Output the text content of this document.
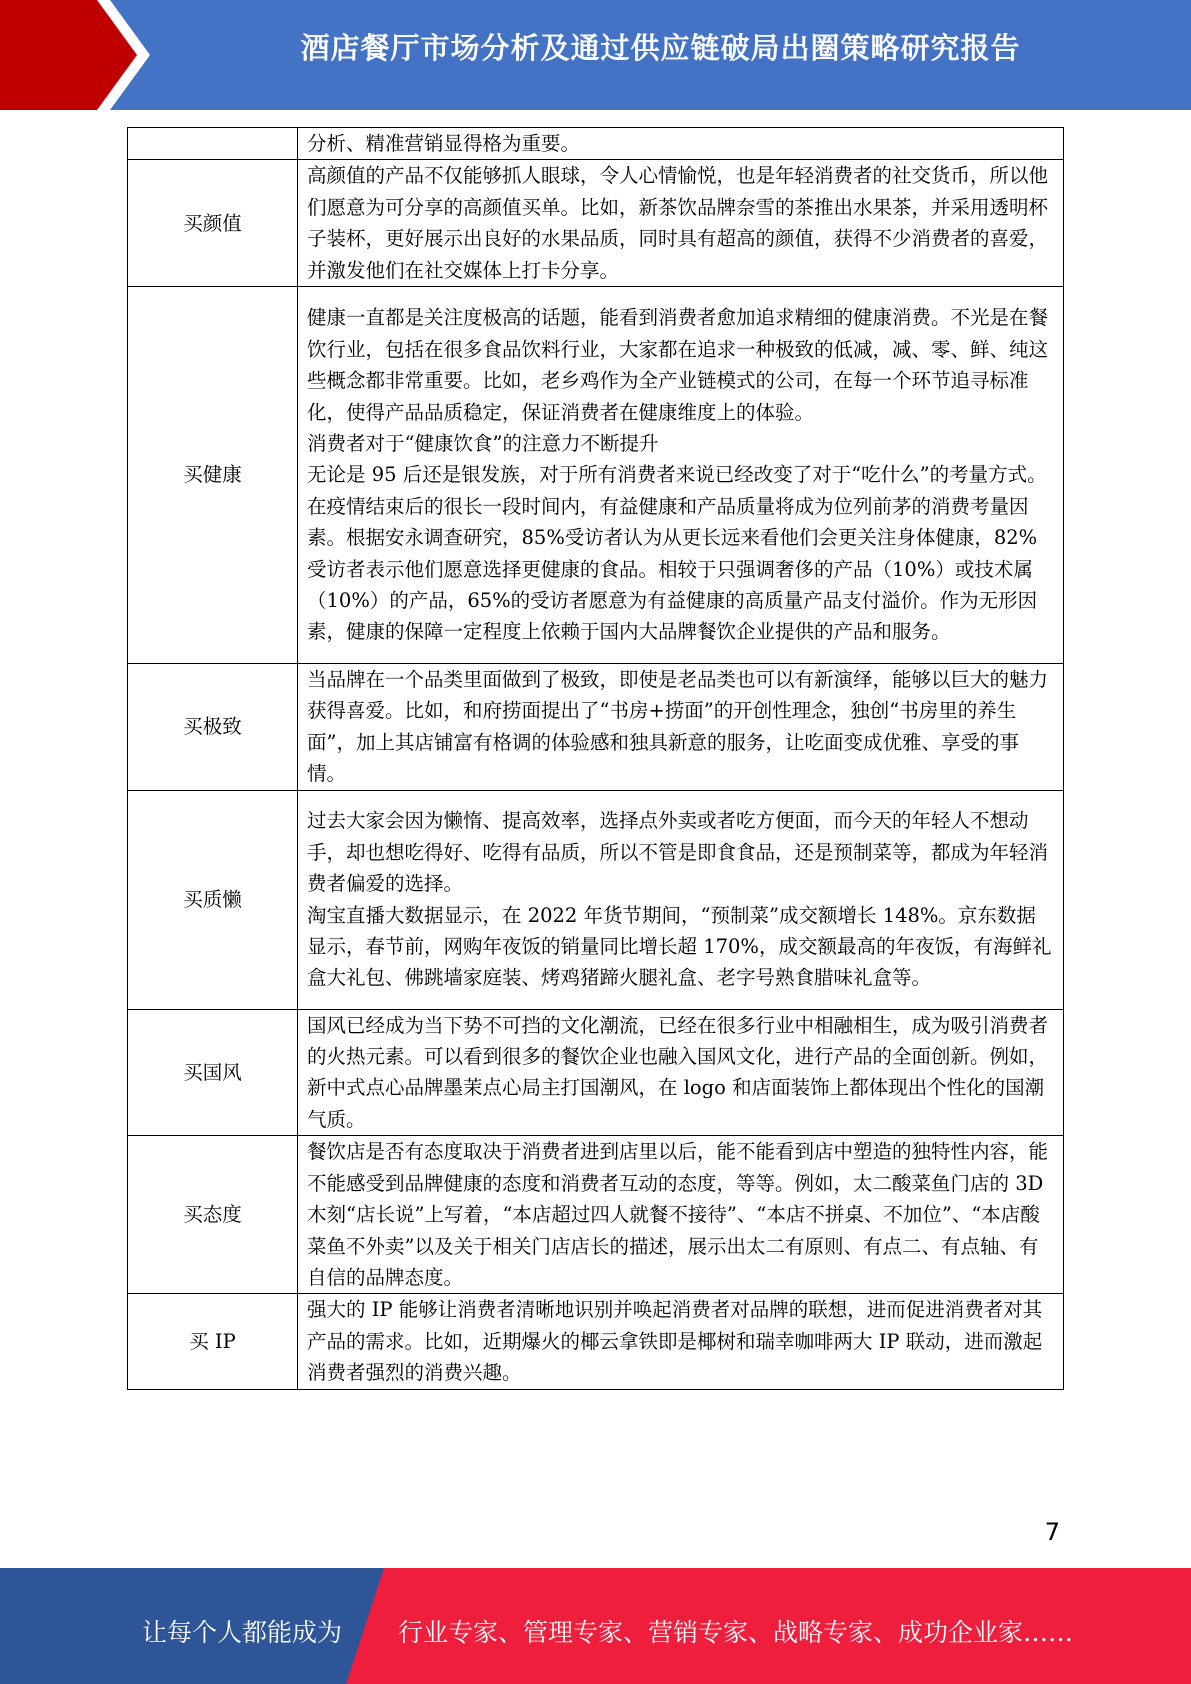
酒店餐厅市场分析及通过供应链破局出圈策略研究报告

	分析、精准营销显得格为重要。

买颜值	高颜值的产品不仅能够抓人眼球，令人心情愉悦，也是年轻消费者的社交货币，所以他们愿意为可分享的高颜值买单。比如，新茶饮品牌奈雪的茶推出水果茶，并采用透明杯子装杯，更好展示出良好的水果品质，同时具有超高的颜值，获得不少消费者的喜爱，并激发他们在社交媒体上打卡分享。

买健康	健康一直都是关注度极高的话题，能看到消费者愈加追求精细的健康消费。不光是在餐饮行业，包括在很多食品饮料行业，大家都在追求一种极致的低减，减、零、鲜、纯这些概念都非常重要。比如，老乡鸡作为全产业链模式的公司，在每一个环节追寻标准化，使得产品品质稳定，保证消费者在健康维度上的体验。

消费者对于“健康饮食”的注意力不断提升

无论是 95 后还是银发族，对于所有消费者来说已经改变了对于“吃什么”的考量方式。在疫情结束后的很长一段时间内，有益健康和产品质量将成为位列前茅的消费考量因素。根据安永调查研究，85%受访者认为从更长远来看他们会更关注身体健康，82%受访者表示他们愿意选择更健康的食品。相较于只强调奢侈的产品（10%）或技术属（10%）的产品，65%的受访者愿意为有益健康的高质量产品支付溢价。作为无形因素，健康的保障一定程度上依赖于国内大品牌餐饮企业提供的产品和服务。

买极致	当品牌在一个品类里面做到了极致，即使是老品类也可以有新演绎，能够以巨大的魅力获得喜爱。比如，和府捞面提出了“书房+捞面”的开创性理念，独创“书房里的养生面”，加上其店铺富有格调的体验感和独具新意的服务，让吃面变成优雅、享受的事情。

买质懒	过去大家会因为懒惰、提高效率，选择点外卖或者吃方便面，而今天的年轻人不想动手，却也想吃得好、吃得有品质，所以不管是即食食品，还是预制菜等，都成为年轻消费者偏爱的选择。

淘宝直播大数据显示，在 2022 年货节期间，“预制菜”成交额增长 148%。京东数据显示，春节前，网购年夜饭的销量同比增长超 170%，成交额最高的年夜饭，有海鲜礼盒大礼包、佛跳墙家庭装、烤鸡猪蹄火腿礼盒、老字号熟食腊味礼盒等。

买国风	国风已经成为当下势不可挡的文化潮流，已经在很多行业中相融相生，成为吸引消费者的火热元素。可以看到很多的餐饮企业也融入国风文化，进行产品的全面创新。例如，新中式点心品牌墨茉点心局主打国潮风，在 logo 和店面装饰上都体现出个性化的国潮气质。

买态度	餐饮店是否有态度取决于消费者进到店里以后，能不能看到店中塑造的独特性内容，能不能感受到品牌健康的态度和消费者互动的态度，等等。例如，太二酸菜鱼门店的 3D 木刻“店长说”上写着，“本店超过四人就餐不接待”、“本店不拼桌、不加位”、“本店酸菜鱼不外卖”以及关于相关门店店长的描述，展示出太二有原则、有点二、有点轴、有自信的品牌态度。

买 IP	强大的 IP 能够让消费者清晰地识别并唤起消费者对品牌的联想，进而促进消费者对其产品的需求。比如，近期爆火的椰云拿铁即是椰树和瑞幸咖啡两大 IP 联动，进而激起消费者强烈的消费兴趣。

7
让每个人都能成为 行业专家、管理专家、营销专家、战略专家、成功企业家……
